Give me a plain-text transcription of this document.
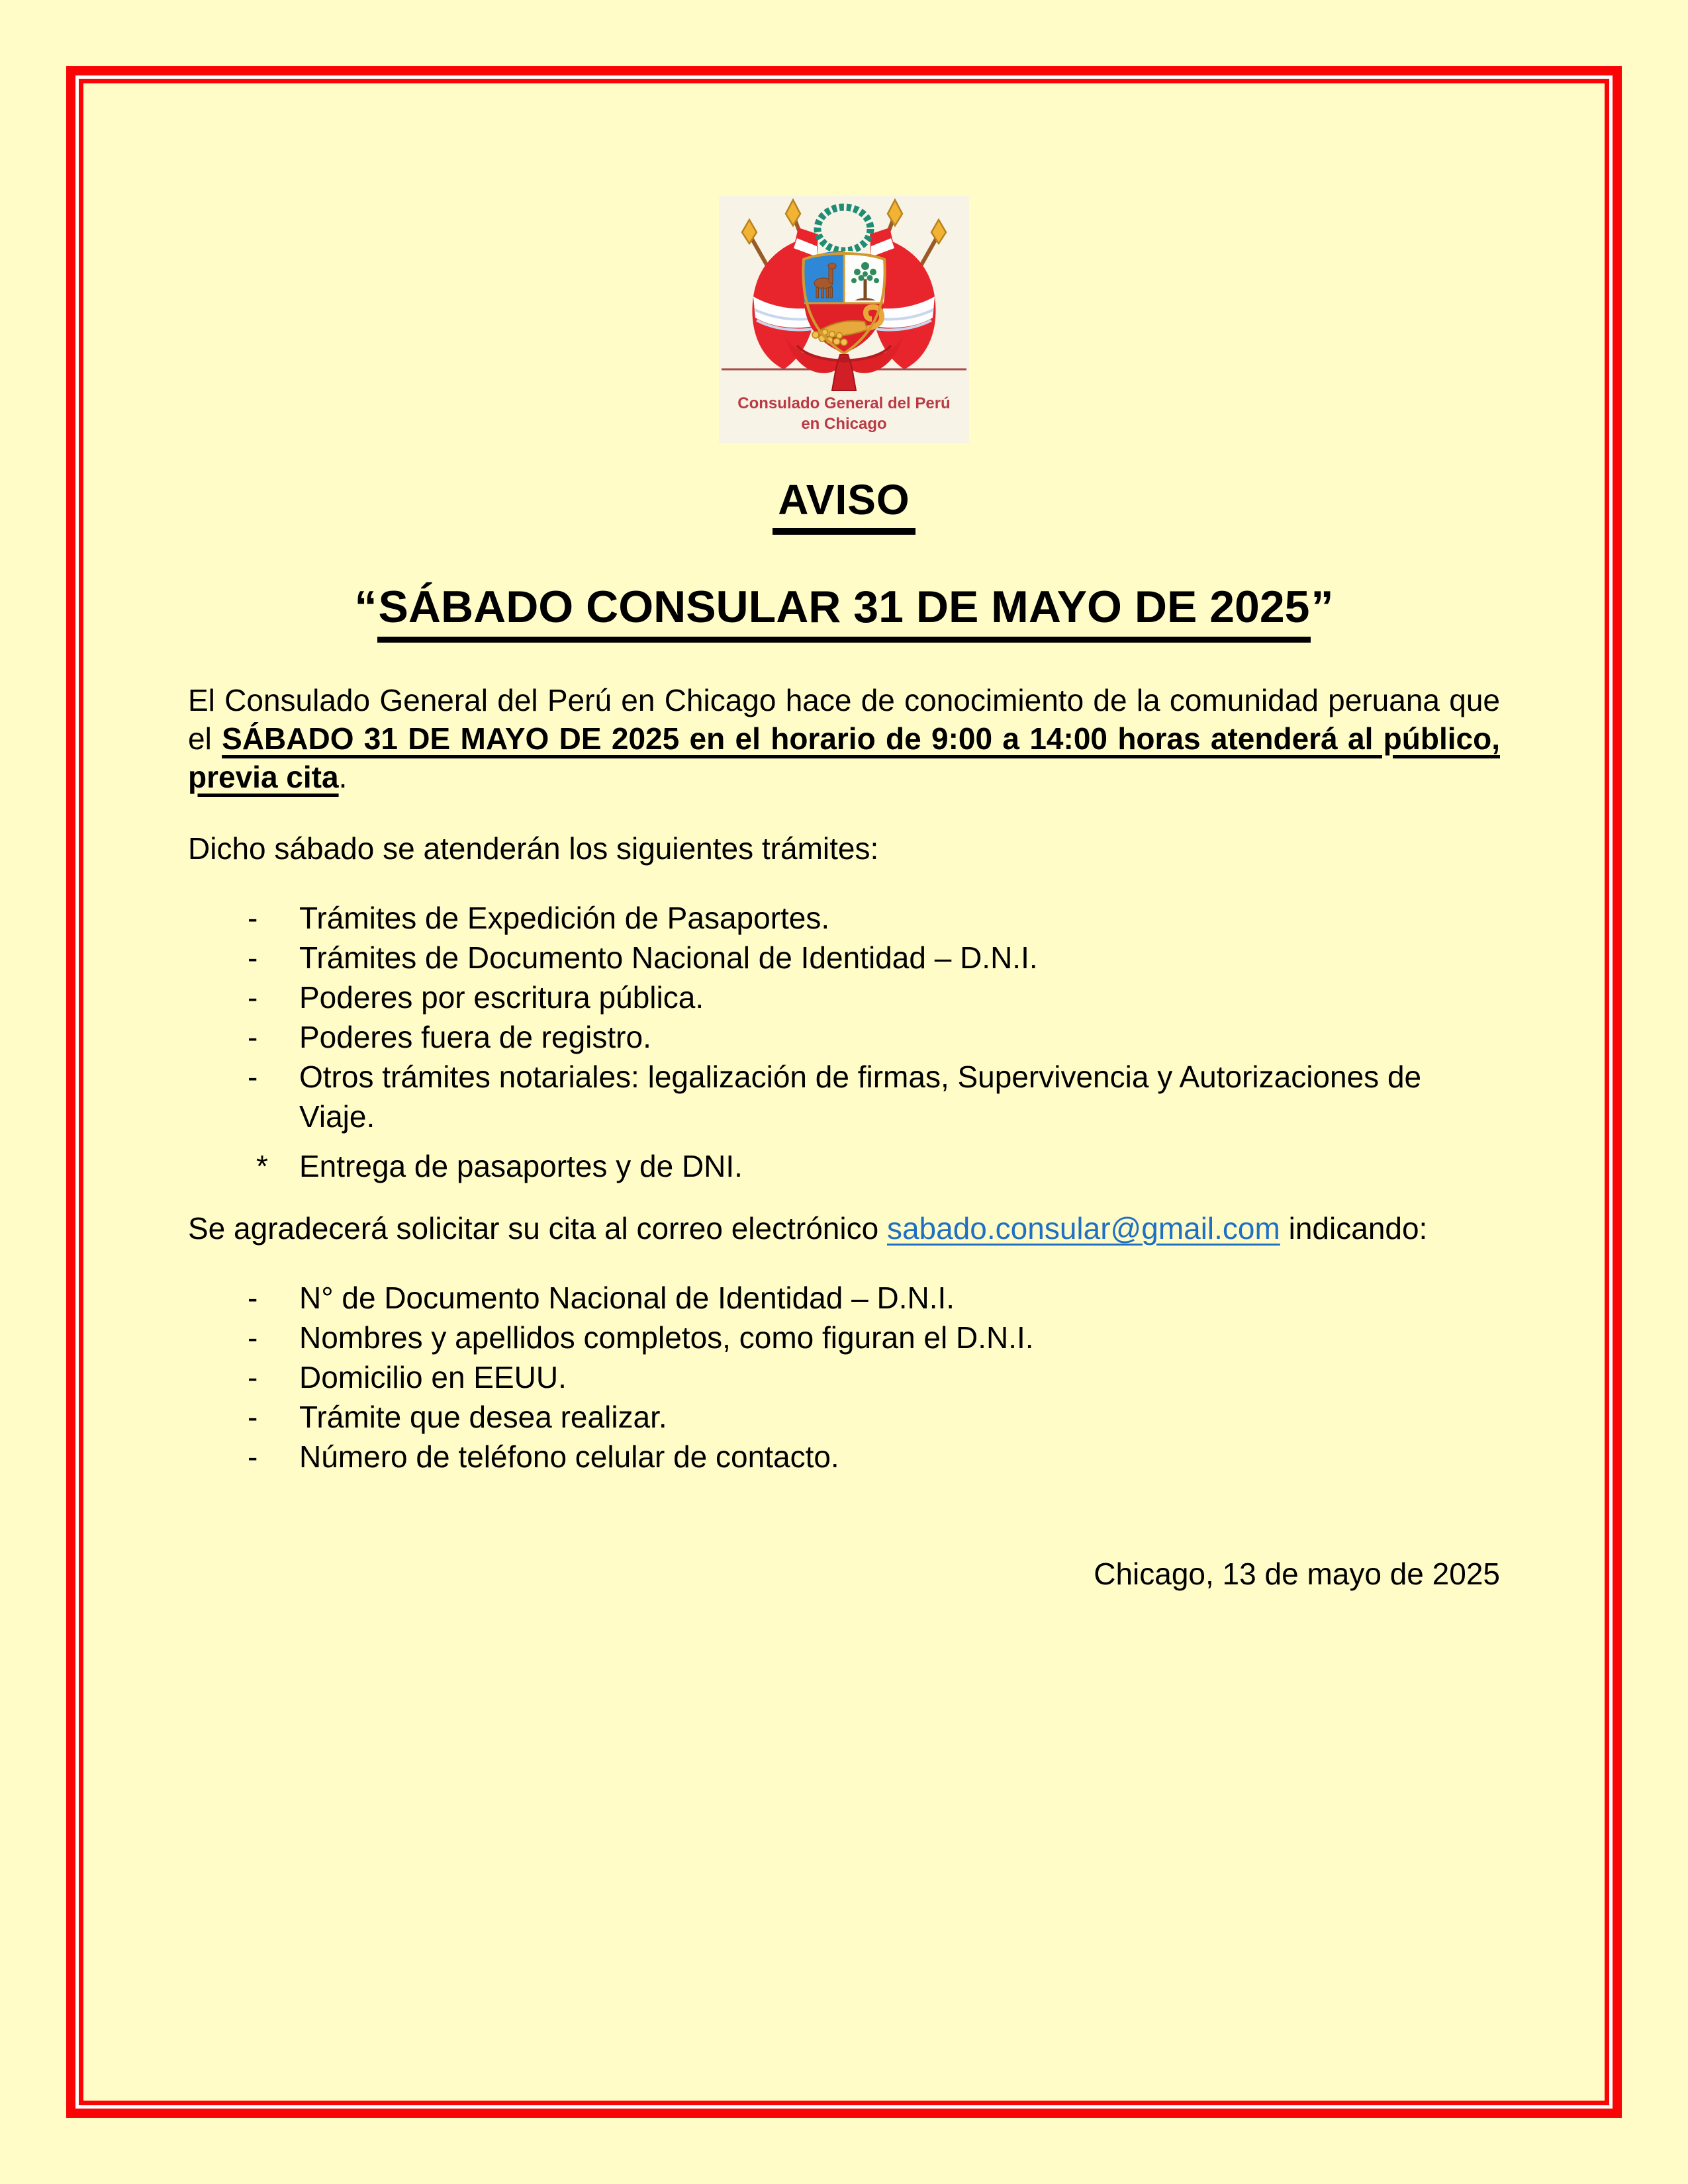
Consulado General del Perú
en Chicago
AVISO
“SÁBADO CONSULAR 31 DE MAYO DE 2025”

El Consulado General del Perú en Chicago hace de conocimiento de la comunidad peruana que el SÁBADO 31 DE MAYO DE 2025 en el horario de 9:00 a 14:00 horas atenderá al público, previa cita.

Dicho sábado se atenderán los siguientes trámites:

-	Trámites de Expedición de Pasaportes.
-	Trámites de Documento Nacional de Identidad – D.N.I.
-	Poderes por escritura pública.
-	Poderes fuera de registro.
-	Otros trámites notariales: legalización de firmas, Supervivencia y Autorizaciones de Viaje.
*	Entrega de pasaportes y de DNI.

Se agradecerá solicitar su cita al correo electrónico sabado.consular@gmail.com indicando:

-	N° de Documento Nacional de Identidad – D.N.I.
-	Nombres y apellidos completos, como figuran el D.N.I.
-	Domicilio en EEUU.
-	Trámite que desea realizar.
-	Número de teléfono celular de contacto.
Chicago, 13 de mayo de 2025
